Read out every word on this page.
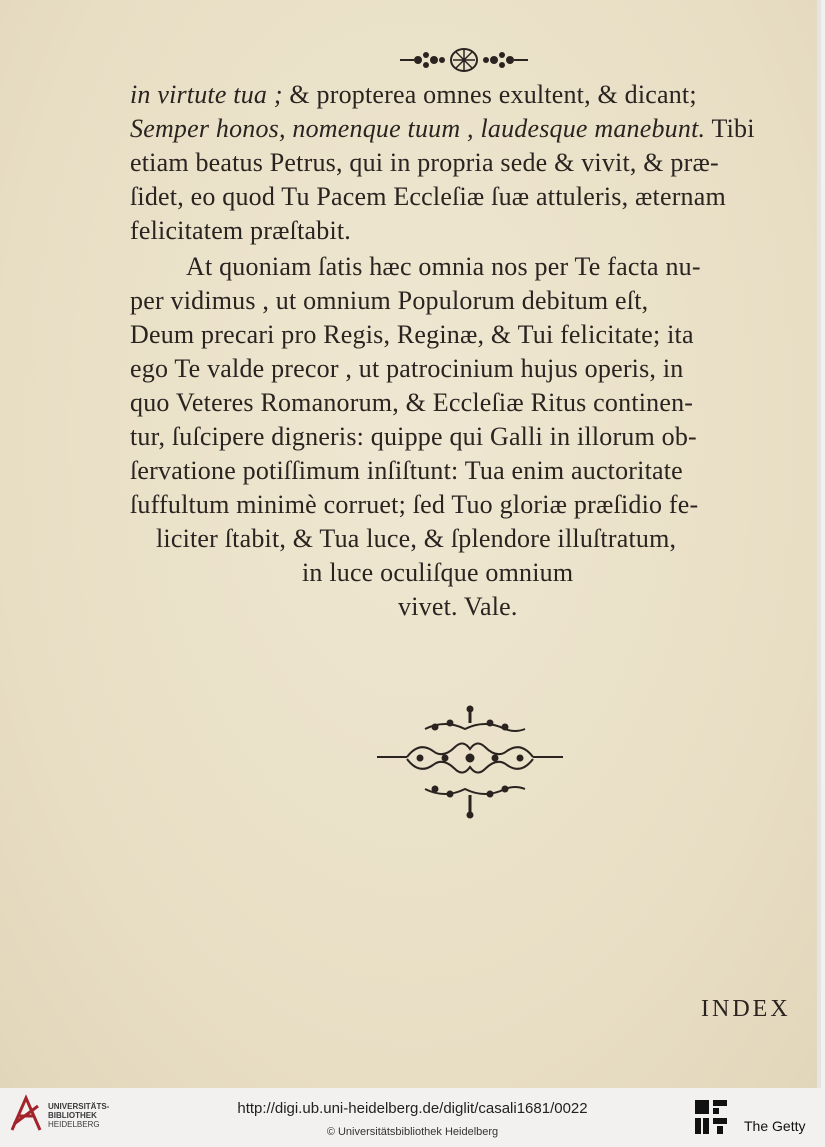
in virtute tua ; & propterea omnes exultent, & dicant;
Semper honos, nomenque tuum , laudesque manebunt. Tibi
etiam beatus Petrus, qui in propria sede & vivit, & præ-
ſidet, eo quod Tu Pacem Eccleſiæ ſuæ attuleris, æternam
felicitatem præſtabit.
At quoniam ſatis hæc omnia nos per Te facta nu-
per vidimus , ut omnium Populorum debitum eſt,
Deum precari pro Regis, Reginæ, & Tui felicitate; ita
ego Te valde precor , ut patrocinium hujus operis, in
quo Veteres Romanorum, & Eccleſiæ Ritus continen-
tur, ſuſcipere digneris: quippe qui Galli in illorum ob-
ſervatione potiſſimum inſiſtunt: Tua enim auctoritate
ſuffultum minimè corruet; ſed Tuo gloriæ præſidio fe-
liciter ſtabit, & Tua luce, & ſplendore illuſtratum,
in luce oculiſque omnium
vivet. Vale.
INDEX
UNIVERSITÄTS-
BIBLIOTHEK
HEIDELBERG
http://digi.ub.uni-heidelberg.de/diglit/casali1681/0022
© Universitätsbibliothek Heidelberg	The Getty
